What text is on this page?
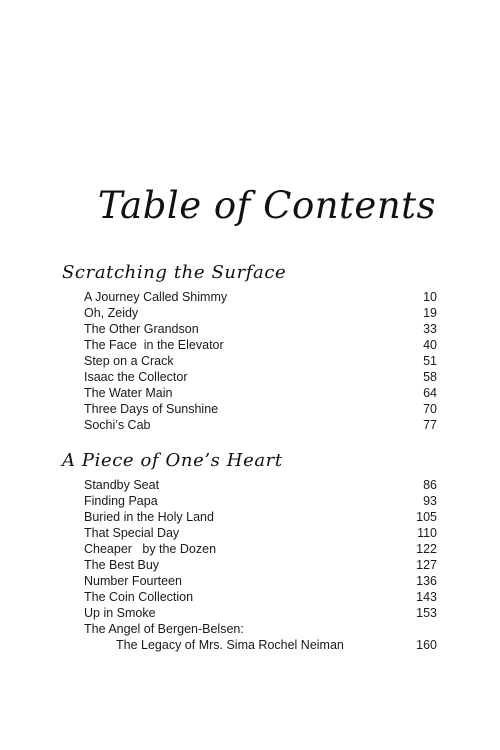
Table of Contents
Scratching the Surface
A Journey Called Shimmy	10
Oh, Zeidy	19
The Other Grandson	33
The Face  in the Elevator	40
Step on a Crack	51
Isaac the Collector	58
The Water Main	64
Three Days of Sunshine	70
Sochi’s Cab	77
A Piece of One’s Heart
Standby Seat	86
Finding Papa	93
Buried in the Holy Land	105
That Special Day	110
Cheaper   by the Dozen	122
The Best Buy	127
Number Fourteen	136
The Coin Collection	143
Up in Smoke	153
The Angel of Bergen-Belsen:
The Legacy of Mrs. Sima Rochel Neiman	160
